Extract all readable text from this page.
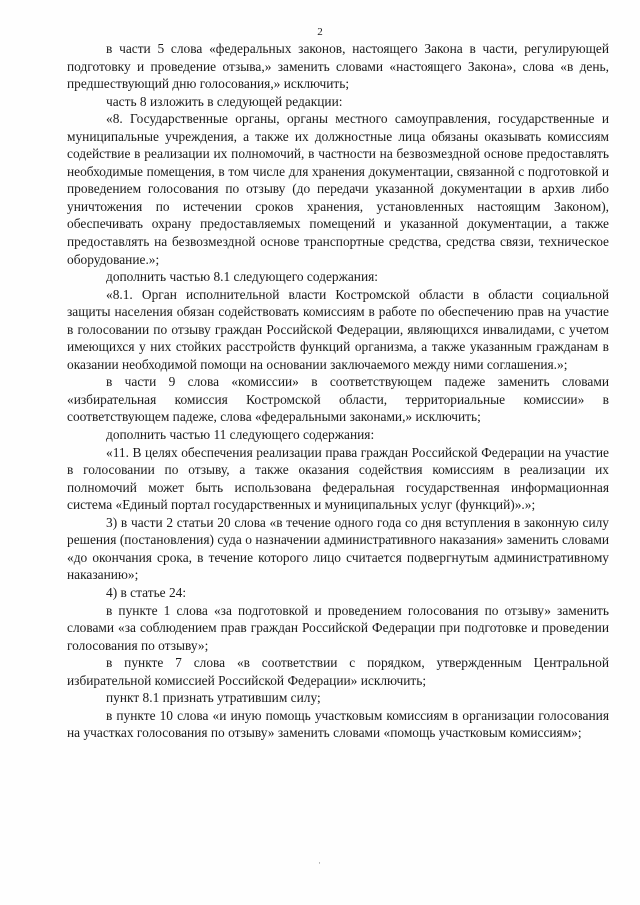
2

в части 5 слова «федеральных законов, настоящего Закона в части, регулирующей подготовку и проведение отзыва,» заменить словами «настоящего Закона», слова «в день, предшествующий дню голосования,» исключить;

часть 8 изложить в следующей редакции:

«8. Государственные органы, органы местного самоуправления, государственные и муниципальные учреждения, а также их должностные лица обязаны оказывать комиссиям содействие в реализации их полномочий, в частности на безвозмездной основе предоставлять необходимые помещения, в том числе для хранения документации, связанной с подготовкой и проведением голосования по отзыву (до передачи указанной документации в архив либо уничтожения по истечении сроков хранения, установленных настоящим Законом), обеспечивать охрану предоставляемых помещений и указанной документации, а также предоставлять на безвозмездной основе транспортные средства, средства связи, техническое оборудование.»;

дополнить частью 8.1 следующего содержания:

«8.1. Орган исполнительной власти Костромской области в области социальной защиты населения обязан содействовать комиссиям в работе по обеспечению прав на участие в голосовании по отзыву граждан Российской Федерации, являющихся инвалидами, с учетом имеющихся у них стойких расстройств функций организма, а также указанным гражданам в оказании необходимой помощи на основании заключаемого между ними соглашения.»;

в части 9 слова «комиссии» в соответствующем падеже заменить словами «избирательная комиссия Костромской области, территориальные комиссии» в соответствующем падеже, слова «федеральными законами,» исключить;

дополнить частью 11 следующего содержания:

«11. В целях обеспечения реализации права граждан Российской Федерации на участие в голосовании по отзыву, а также оказания содействия комиссиям в реализации их полномочий может быть использована федеральная государственная информационная система «Единый портал государственных и муниципальных услуг (функций)».»;

3) в части 2 статьи 20 слова «в течение одного года со дня вступления в законную силу решения (постановления) суда о назначении административного наказания» заменить словами «до окончания срока, в течение которого лицо считается подвергнутым административному наказанию»;

4) в статье 24:

в пункте 1 слова «за подготовкой и проведением голосования по отзыву» заменить словами «за соблюдением прав граждан Российской Федерации при подготовке и проведении голосования по отзыву»;

в пункте 7 слова «в соответствии с порядком, утвержденным Центральной избирательной комиссией Российской Федерации» исключить;

пункт 8.1 признать утратившим силу;

в пункте 10 слова «и иную помощь участковым комиссиям в организации голосования на участках голосования по отзыву» заменить словами «помощь участковым комиссиям»;

·
